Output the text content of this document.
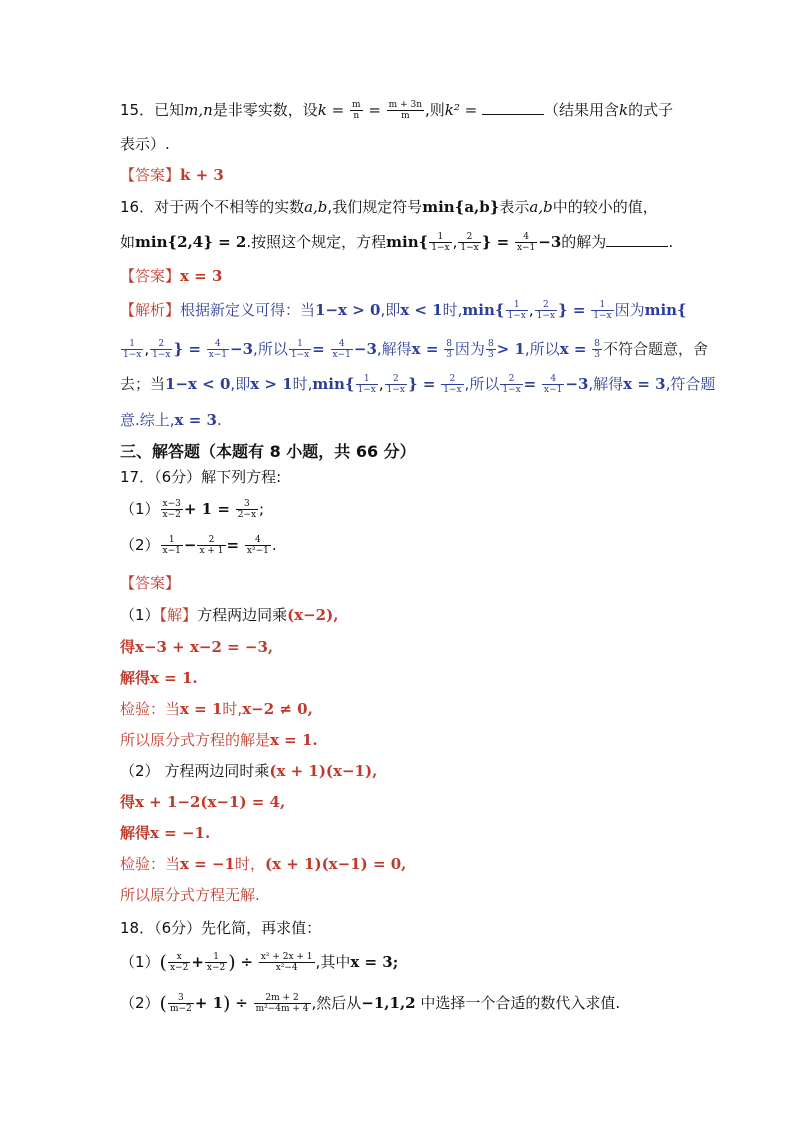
15．已知m,n是非零实数，设$k = \frac{m}{n} = \frac{m + 3n}{m}$ ,则k² =	（结果用含k的式子
表示）.
【答案】k + 3
16．对于两个不相等的实数a,b,我们规定符号min{a,b}表示a,b中的较小的值，
如min{2,4} = 2.按照这个规定，方程$\min\{ \frac{1}{1-x}$ , $\frac{2}{1-x}$ } = $\frac{4}{x-1} -3$的解为	.
【答案】x = 3
【解析】根据新定义可得：当1−x > 0,即x < 1时$,\min\{ \frac{1}{1-x}$ , $\frac{2}{1-x}$ } = $\frac{1}{1-x}$ 因为min{
$\frac{1}{1-x}$ , $\frac{2}{1-x}$ } = $\frac{4}{x-1} -3$,所以 $\frac{1}{1-x} = \frac{4}{x-1} -3$,解得$x = \frac{8}{3}$ 因为 $\frac{8}{3} > 1$,所以$x = \frac{8}{3}$ 不符合题意，舍
去；当1−x < 0,即x > 1时$,\min\{ \frac{1}{1-x}$ , $\frac{2}{1-x}$ } = $\frac{2}{1-x}$ ,所以 $\frac{2}{1-x} = \frac{4}{x-1} -3$,解得x = 3,符合题
意.综上,x = 3.
三、解答题（本题有 8 小题，共 66 分）
17．（6分）解下列方程:
$(1) \frac{x-3}{x-2} + 1 = \frac{3}{2-x}$ ;
$(2) \frac{1}{x-1} - \frac{2}{x + 1} = \frac{4}{\text{x²−1}}$ .
【答案】
（1）【解】方程两边同乘(x−2),
得x−3 + x−2 = −3,
解得x = 1.
检验：当x = 1时,x−2 ≠ 0,
所以原分式方程的解是x = 1.
（2） 方程两边同时乘(x + 1)(x−1),
得x + 1−2(x−1) = 4,
解得x = −1.
检验：当x = −1时，(x + 1)(x−1) = 0,
所以原分式方程无解.
18．（6分）先化简，再求值：
$(1)( \frac{x}{x-2} + \frac{1}{x-2}$ ) ÷ $\frac{\text{x² + 2x + 1}}{\text{x²−4}}$ ,其中x = 3;
$(2)( \frac{3}{m-2} + 1) \div \frac{2m + 2}{\text{m²−4m + 4}}$ ,然后从−1,1,2 中选择一个合适的数代入求值.
